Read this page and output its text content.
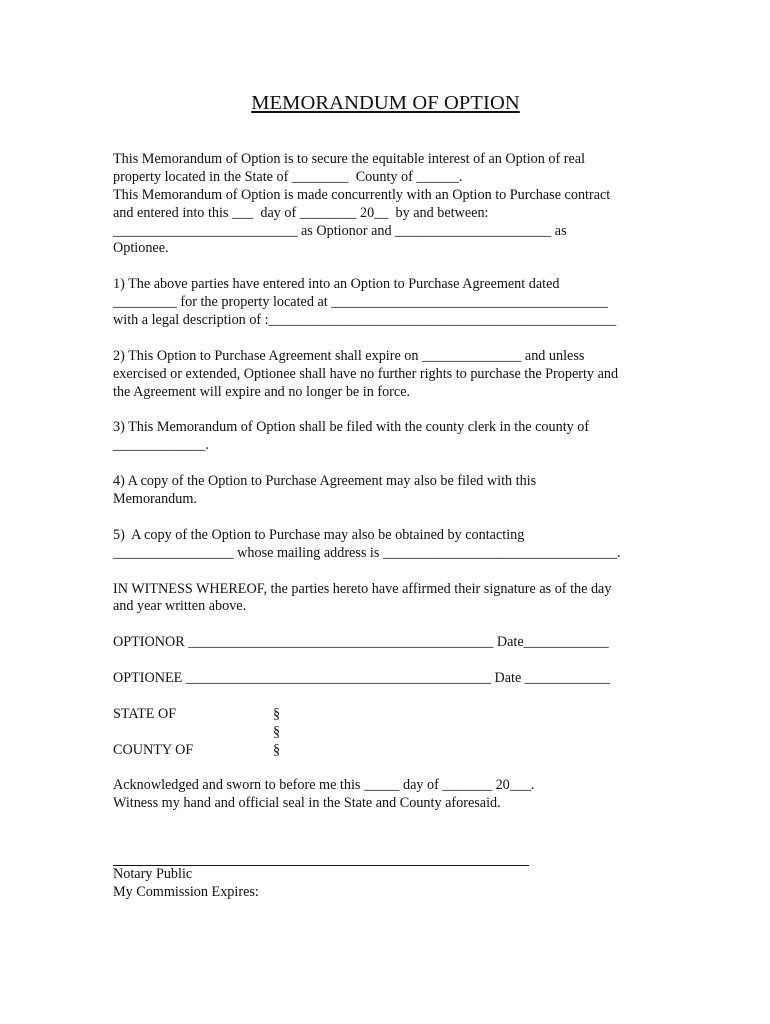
MEMORANDUM OF OPTION
This Memorandum of Option is to secure the equitable interest of an Option of real
property located in the State of ________  County of ______.
This Memorandum of Option is made concurrently with an Option to Purchase contract
and entered into this ___  day of ________ 20__  by and between:
__________________________ as Optionor and ______________________ as
Optionee.
1) The above parties have entered into an Option to Purchase Agreement dated
_________ for the property located at _______________________________________
with a legal description of :_________________________________________________
2) This Option to Purchase Agreement shall expire on ______________ and unless
exercised or extended, Optionee shall have no further rights to purchase the Property and
the Agreement will expire and no longer be in force.
3) This Memorandum of Option shall be filed with the county clerk in the county of
_____________.
4) A copy of the Option to Purchase Agreement may also be filed with this
Memorandum.
5)  A copy of the Option to Purchase may also be obtained by contacting
_________________ whose mailing address is _________________________________.
IN WITNESS WHEREOF, the parties hereto have affirmed their signature as of the day
and year written above.
OPTIONOR ___________________________________________ Date____________
OPTIONEE ___________________________________________ Date ____________
STATE OF	§
§
COUNTY OF	§
Acknowledged and sworn to before me this _____ day of _______ 20___.
Witness my hand and official seal in the State and County aforesaid.
Notary Public
My Commission Expires:
